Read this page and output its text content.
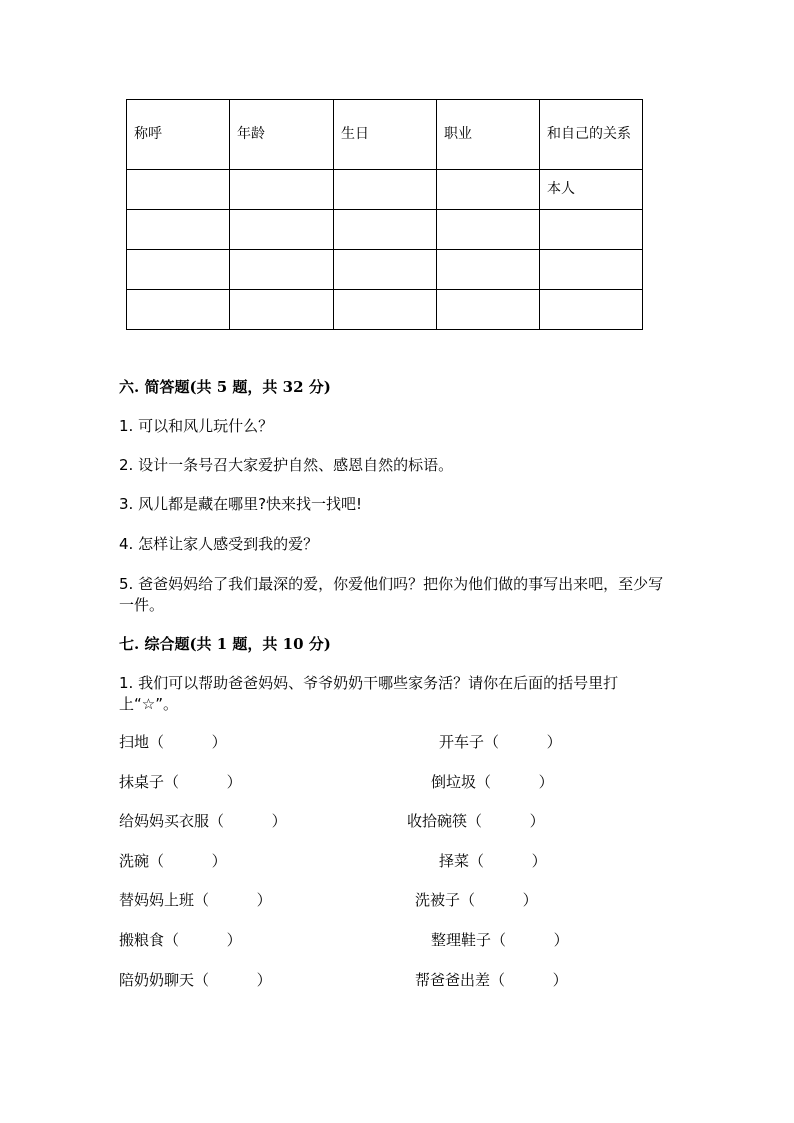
称呼	年龄	生日	职业	和自己的关系
				本人

六. 简答题(共 5 题，共 32 分)
1. 可以和风儿玩什么？
2. 设计一条号召大家爱护自然、感恩自然的标语。
3. 风儿都是藏在哪里?快来找一找吧!
4. 怎样让家人感受到我的爱？
5. 爸爸妈妈给了我们最深的爱，你爱他们吗？把你为他们做的事写出来吧，至少写一件。
七. 综合题(共 1 题，共 10 分)
1. 我们可以帮助爸爸妈妈、爷爷奶奶干哪些家务活？请你在后面的括号里打上“☆”。
扫地（          ）
抹桌子（          ）
给妈妈买衣服（          ）
洗碗（          ）
替妈妈上班（          ）
搬粮食（          ）
陪奶奶聊天（          ）
开车子（          ）
倒垃圾（          ）
收拾碗筷（          ）
择菜（          ）
洗被子（          ）
整理鞋子（          ）
帮爸爸出差（          ）
